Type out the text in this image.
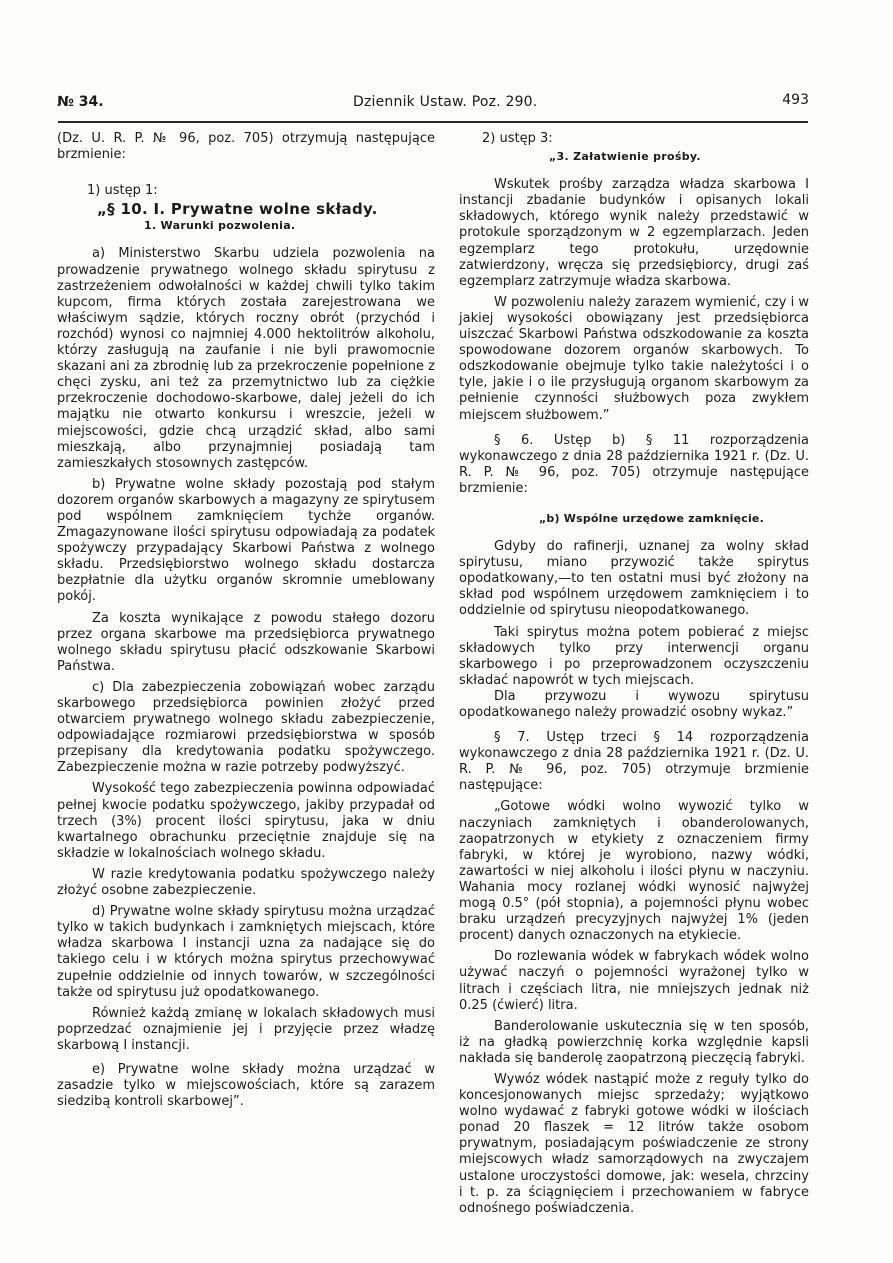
№ 34.	Dziennik Ustaw. Poz. 290.	493

(Dz. U. R. P. № 96, poz. 705) otrzymują następujące brzmienie:

1) ustęp 1:

„§ 10. I. Prywatne wolne składy.

1. Warunki pozwolenia.

a) Ministerstwo Skarbu udziela pozwolenia na prowadzenie prywatnego wolnego składu spirytusu z zastrzeżeniem odwołalności w każdej chwili tylko takim kupcom, firma których została zarejestrowana we właściwym sądzie, których roczny obrót (przychód i rozchód) wynosi co najmniej 4.000 hektolitrów alkoholu, którzy zasługują na zaufanie i nie byli prawomocnie skazani ani za zbrodnię lub za przekroczenie popełnione z chęci zysku, ani też za przemytnictwo lub za ciężkie przekroczenie dochodowo-skarbowe, dalej jeżeli do ich majątku nie otwarto konkursu i wreszcie, jeżeli w miejscowości, gdzie chcą urządzić skład, albo sami mieszkają, albo przynajmniej posiadają tam zamieszkałych stosownych zastępców.

b) Prywatne wolne składy pozostają pod stałym dozorem organów skarbowych a magazyny ze spirytusem pod wspólnem zamknięciem tychże organów. Zmagazynowane ilości spirytusu odpowiadają za podatek spożywczy przypadający Skarbowi Państwa z wolnego składu. Przedsiębiorstwo wolnego składu dostarcza bezpłatnie dla użytku organów skromnie umeblowany pokój.

Za koszta wynikające z powodu stałego dozoru przez organa skarbowe ma przedsiębiorca prywatnego wolnego składu spirytusu płacić odszkowanie Skarbowi Państwa.

c) Dla zabezpieczenia zobowiązań wobec zarządu skarbowego przedsiębiorca powinien złożyć przed otwarciem prywatnego wolnego składu zabezpieczenie, odpowiadające rozmiarowi przedsiębiorstwa w sposób przepisany dla kredytowania podatku spożywczego. Zabezpieczenie można w razie potrzeby podwyższyć.

Wysokość tego zabezpieczenia powinna odpowiadać pełnej kwocie podatku spożywczego, jakiby przypadał od trzech (3%) procent ilości spirytusu, jaka w dniu kwartalnego obrachunku przeciętnie znajduje się na składzie w lokalnościach wolnego składu.

W razie kredytowania podatku spożywczego należy złożyć osobne zabezpieczenie.

d) Prywatne wolne składy spirytusu można urządzać tylko w takich budynkach i zamkniętych miejscach, które władza skarbowa I instancji uzna za nadające się do takiego celu i w których można spirytus przechowywać zupełnie oddzielnie od innych towarów, w szczególności także od spirytusu już opodatkowanego.

Również każdą zmianę w lokalach składowych musi poprzedzać oznajmienie jej i przyjęcie przez władzę skarbową I instancji.

e) Prywatne wolne składy można urządzać w zasadzie tylko w miejscowościach, które są zarazem siedzibą kontroli skarbowej”.

2) ustęp 3:

„3. Załatwienie prośby.

Wskutek prośby zarządza władza skarbowa I instancji zbadanie budynków i opisanych lokali składowych, którego wynik należy przedstawić w protokule sporządzonym w 2 egzemplarzach. Jeden egzemplarz tego protokułu, urzędownie zatwierdzony, wręcza się przedsiębiorcy, drugi zaś egzemplarz zatrzymuje władza skarbowa.

W pozwoleniu należy zarazem wymienić, czy i w jakiej wysokości obowiązany jest przedsiębiorca uiszczać Skarbowi Państwa odszkodowanie za koszta spowodowane dozorem organów skarbowych. To odszkodowanie obejmuje tylko takie należytości i o tyle, jakie i o ile przysługują organom skarbowym za pełnienie czynności służbowych poza zwykłem miejscem służbowem.”

§ 6. Ustęp b) § 11 rozporządzenia wykonawczego z dnia 28 października 1921 r. (Dz. U. R. P. № 96, poz. 705) otrzymuje następujące brzmienie:

„b) Wspólne urzędowe zamknięcie.

Gdyby do rafinerji, uznanej za wolny skład spirytusu, miano przywozić także spirytus opodatkowany,—to ten ostatni musi być złożony na skład pod wspólnem urzędowem zamknięciem i to oddzielnie od spirytusu nieopodatkowanego.

Taki spirytus można potem pobierać z miejsc składowych tylko przy interwencji organu skarbowego i po przeprowadzonem oczyszczeniu składać napowrót w tych miejscach.

Dla przywozu i wywozu spirytusu opodatkowanego należy prowadzić osobny wykaz.”

§ 7. Ustęp trzeci § 14 rozporządzenia wykonawczego z dnia 28 października 1921 r. (Dz. U. R. P. № 96, poz. 705) otrzymuje brzmienie następujące:

„Gotowe wódki wolno wywozić tylko w naczyniach zamkniętych i obanderolowanych, zaopatrzonych w etykiety z oznaczeniem firmy fabryki, w której je wyrobiono, nazwy wódki, zawartości w niej alkoholu i ilości płynu w naczyniu. Wahania mocy rozlanej wódki wynosić najwyżej mogą 0.5° (pół stopnia), a pojemności płynu wobec braku urządzeń precyzyjnych najwyżej 1% (jeden procent) danych oznaczonych na etykiecie.

Do rozlewania wódek w fabrykach wódek wolno używać naczyń o pojemności wyrażonej tylko w litrach i częściach litra, nie mniejszych jednak niż 0.25 (ćwierć) litra.

Banderolowanie uskutecznia się w ten sposób, iż na gładką powierzchnię korka względnie kapsli nakłada się banderolę zaopatrzoną pieczęcią fabryki.

Wywóz wódek nastąpić może z reguły tylko do koncesjonowanych miejsc sprzedaży; wyjątkowo wolno wydawać z fabryki gotowe wódki w ilościach ponad 20 flaszek = 12 litrów także osobom prywatnym, posiadającym poświadczenie ze strony miejscowych władz samorządowych na zwyczajem ustalone uroczystości domowe, jak: wesela, chrzciny i t. p. za ściągnięciem i przechowaniem w fabryce odnośnego poświadczenia.
